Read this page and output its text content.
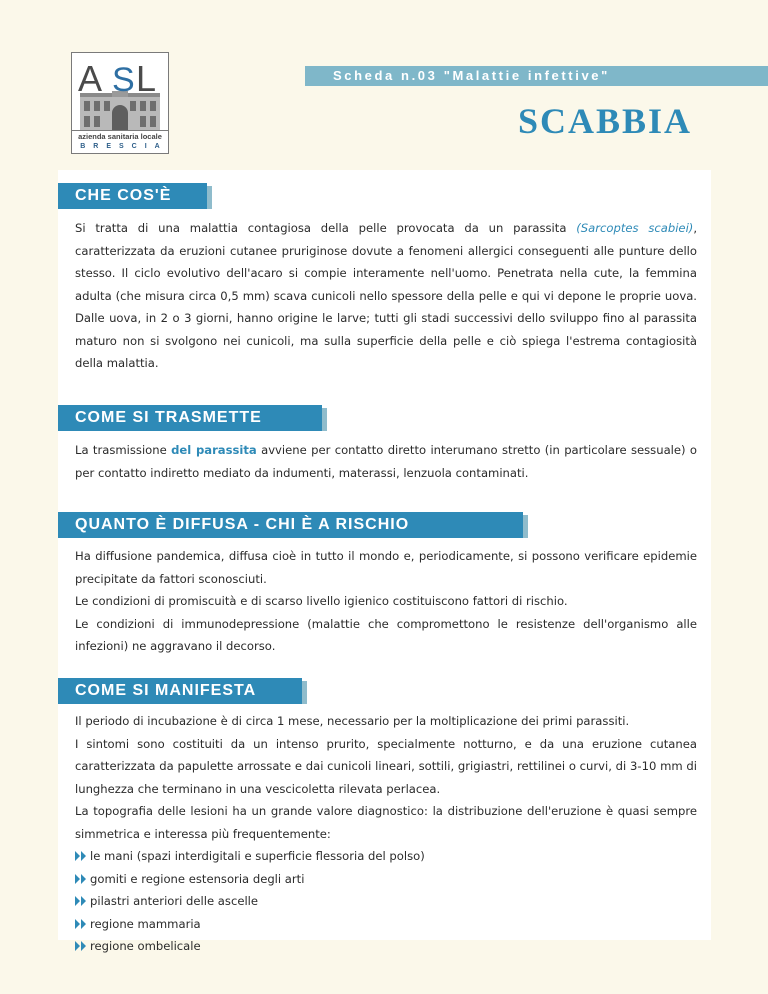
Scheda n.03 "Malattie infettive"
SCABBIA
A S L
azienda sanitaria locale
BRESCIA
CHE COS'È

Si tratta di una malattia contagiosa della pelle provocata da un parassita (Sarcoptes scabiei), caratterizzata da eruzioni cutanee pruriginose dovute a fenomeni allergici conseguenti alle punture dello stesso. Il ciclo evolutivo dell'acaro si compie interamente nell'uomo. Penetrata nella cute, la femmina adulta (che misura circa 0,5 mm) scava cunicoli nello spessore della pelle e qui vi depone le proprie uova. Dalle uova, in 2 o 3 giorni, hanno origine le larve; tutti gli stadi successivi dello sviluppo fino al parassita maturo non si svolgono nei cunicoli, ma sulla superficie della pelle e ciò spiega l'estrema contagiosità della malattia.

COME SI TRASMETTE

La trasmissione del parassita avviene per contatto diretto interumano stretto (in particolare sessuale) o per contatto indiretto mediato da indumenti, materassi, lenzuola contaminati.

QUANTO È DIFFUSA - CHI È A RISCHIO

Ha diffusione pandemica, diffusa cioè in tutto il mondo e, periodicamente, si possono verificare epidemie precipitate da fattori sconosciuti.

Le condizioni di promiscuità e di scarso livello igienico costituiscono fattori di rischio.

Le condizioni di immunodepressione (malattie che compromettono le resistenze dell'organismo alle infezioni) ne aggravano il decorso.

COME SI MANIFESTA

Il periodo di incubazione è di circa 1 mese, necessario per la moltiplicazione dei primi parassiti.

I sintomi sono costituiti da un intenso prurito, specialmente notturno, e da una eruzione cutanea caratterizzata da papulette arrossate e dai cunicoli lineari, sottili, grigiastri, rettilinei o curvi, di 3-10 mm di lunghezza che terminano in una vescicoletta rilevata perlacea.

La topografia delle lesioni ha un grande valore diagnostico: la distribuzione dell'eruzione è quasi sempre simmetrica e interessa più frequentemente:

le mani (spazi interdigitali e superficie flessoria del polso)
gomiti e regione estensoria degli arti
pilastri anteriori delle ascelle
regione mammaria
regione ombelicale
